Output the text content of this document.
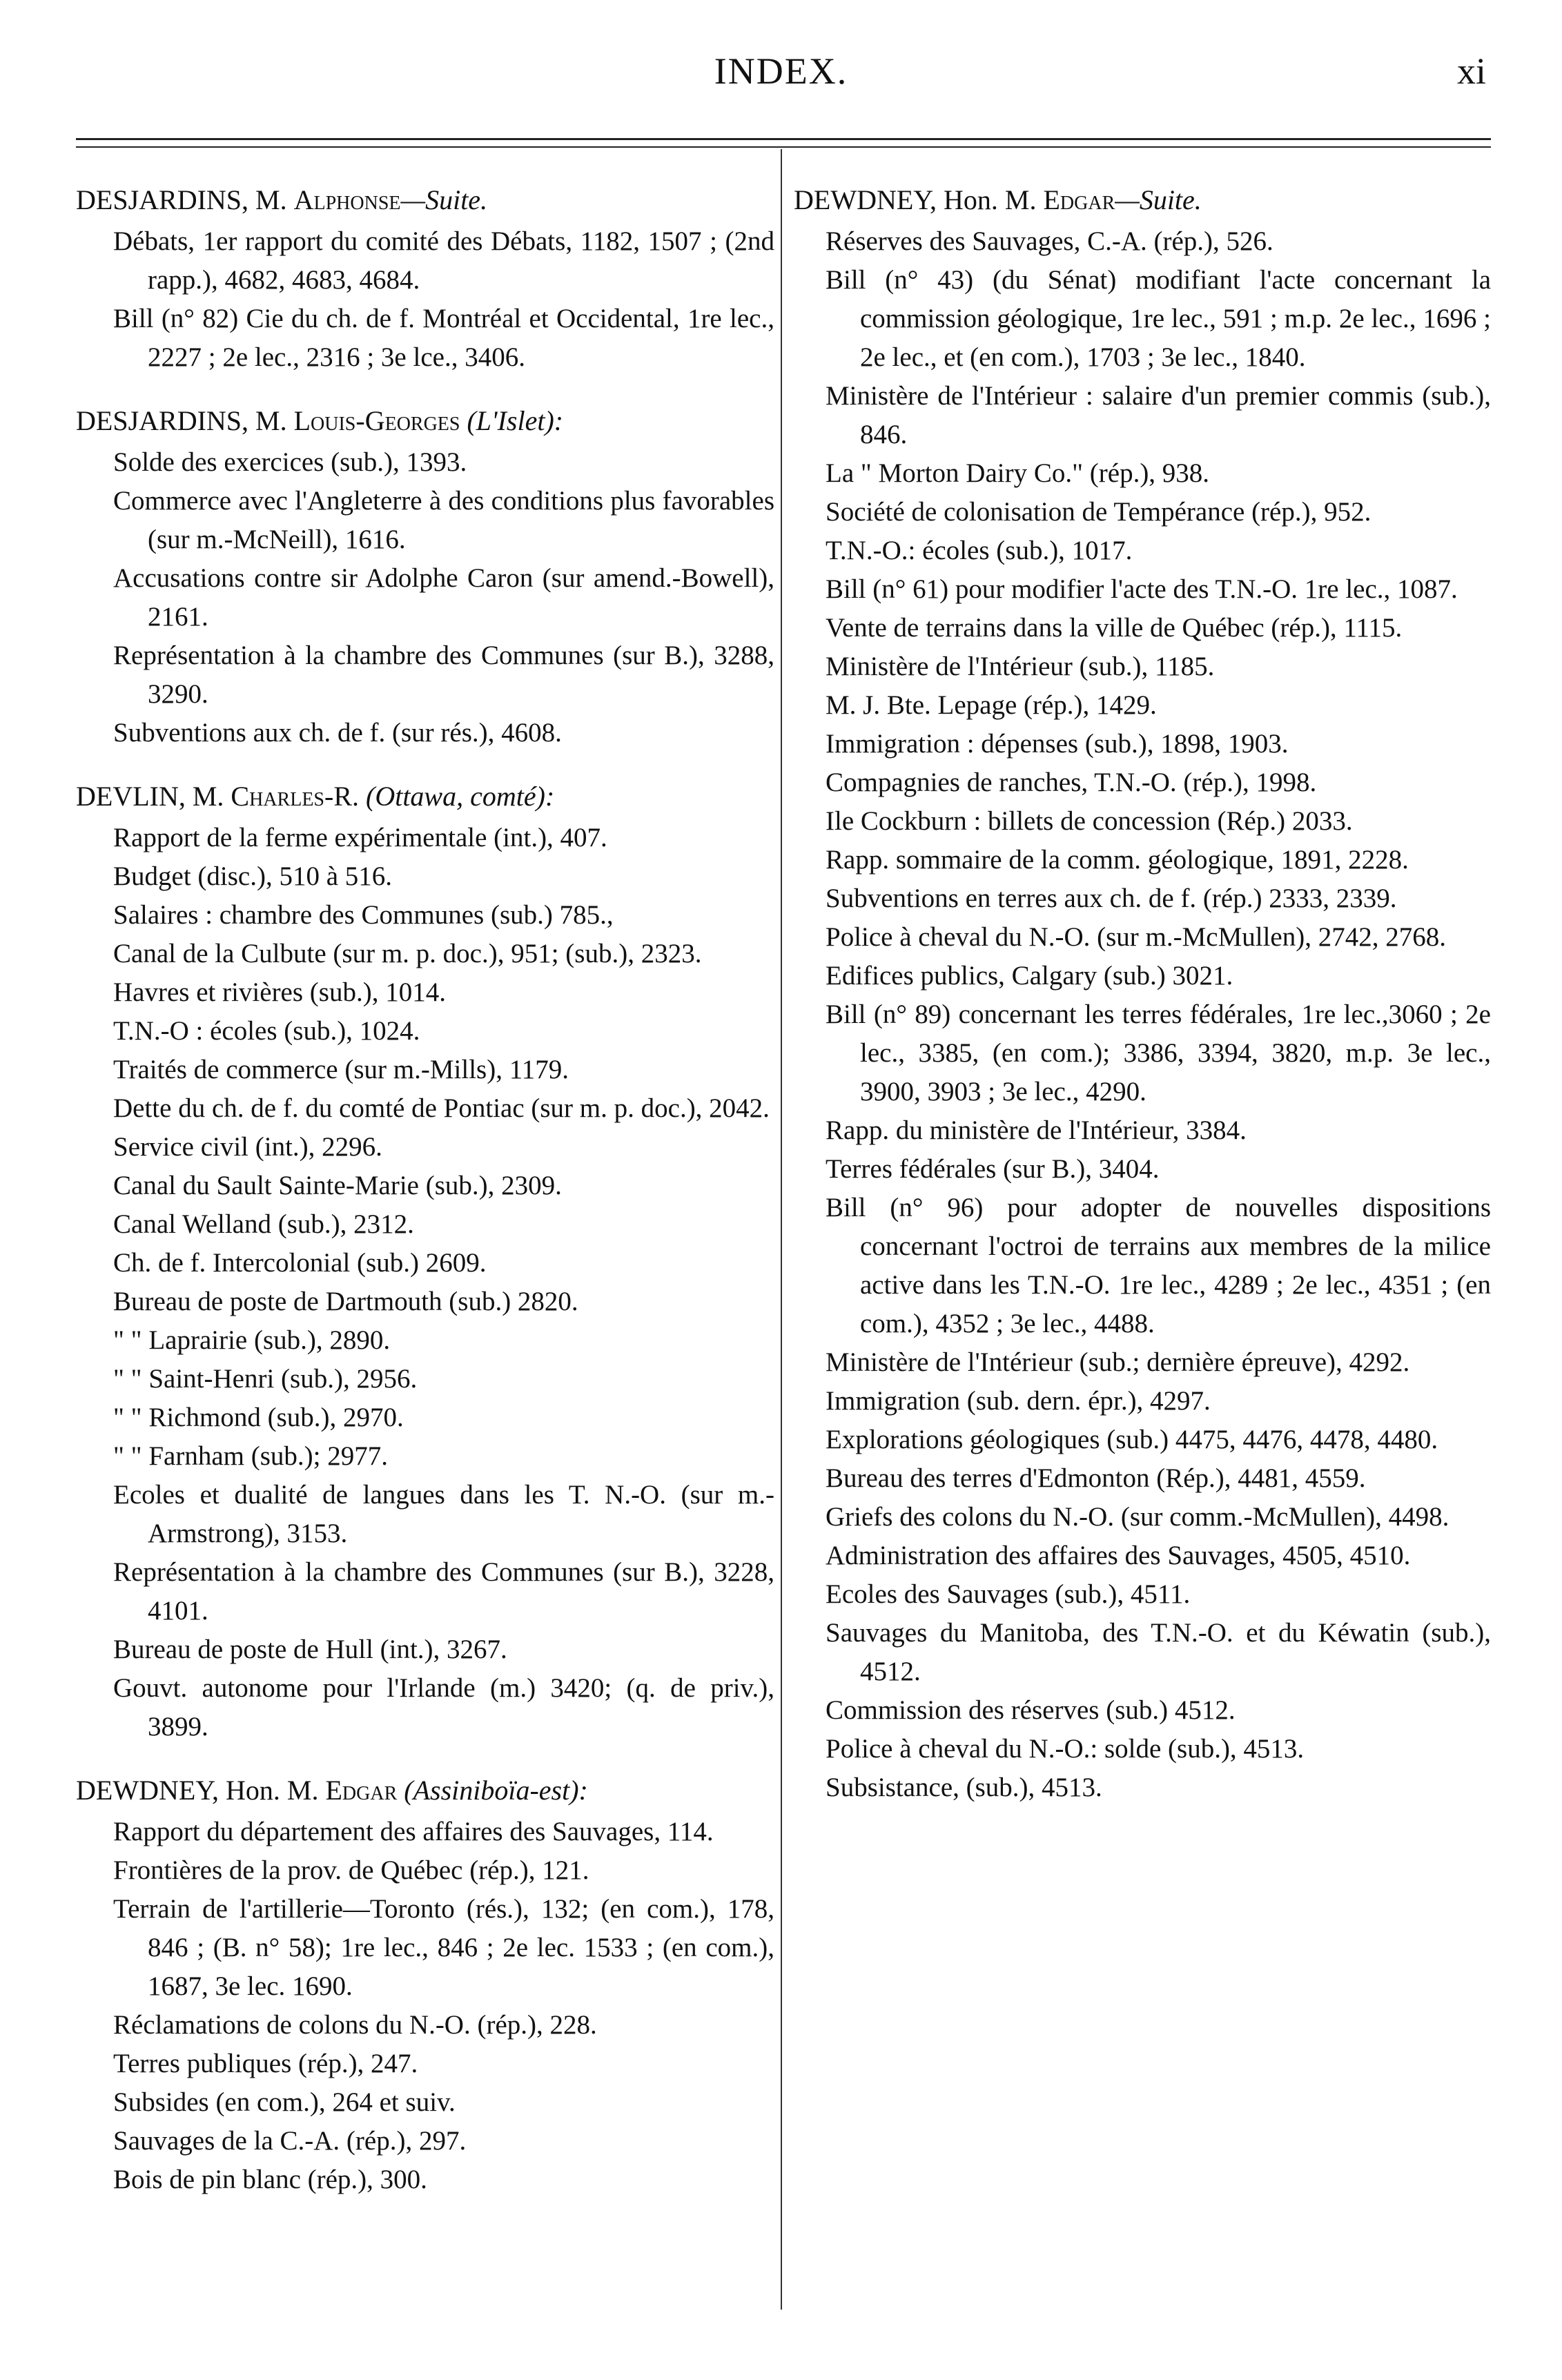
INDEX.	xi
DESJARDINS, M. Alphonse—Suite.
Débats, 1er rapport du comité des Débats, 1182, 1507 ; (2nd rapp.), 4682, 4683, 4684.
Bill (n° 82) Cie du ch. de f. Montréal et Occidental, 1re lec., 2227 ; 2e lec., 2316 ; 3e lce., 3406.
DESJARDINS, M. Louis-Georges (L'Islet):
Solde des exercices (sub.), 1393.
Commerce avec l'Angleterre à des conditions plus favorables (sur m.-McNeill), 1616.
Accusations contre sir Adolphe Caron (sur amend.-Bowell), 2161.
Représentation à la chambre des Communes (sur B.), 3288, 3290.
Subventions aux ch. de f. (sur rés.), 4608.
DEVLIN, M. Charles-R. (Ottawa, comté):
Rapport de la ferme expérimentale (int.), 407.
Budget (disc.), 510 à 516.
Salaires : chambre des Communes (sub.) 785.,
Canal de la Culbute (sur m. p. doc.), 951; (sub.), 2323.
Havres et rivières (sub.), 1014.
T.N.-O : écoles (sub.), 1024.
Traités de commerce (sur m.-Mills), 1179.
Dette du ch. de f. du comté de Pontiac (sur m. p. doc.), 2042.
Service civil (int.), 2296.
Canal du Sault Sainte-Marie (sub.), 2309.
Canal Welland (sub.), 2312.
Ch. de f. Intercolonial (sub.) 2609.
Bureau de poste de Dartmouth (sub.) 2820.
" " Laprairie (sub.), 2890.
" " Saint-Henri (sub.), 2956.
" " Richmond (sub.), 2970.
" " Farnham (sub.); 2977.
Ecoles et dualité de langues dans les T. N.-O. (sur m.-Armstrong), 3153.
Représentation à la chambre des Communes (sur B.), 3228, 4101.
Bureau de poste de Hull (int.), 3267.
Gouvt. autonome pour l'Irlande (m.) 3420; (q. de priv.), 3899.
DEWDNEY, Hon. M. Edgar (Assiniboïa-est):
Rapport du département des affaires des Sauvages, 114.
Frontières de la prov. de Québec (rép.), 121.
Terrain de l'artillerie—Toronto (rés.), 132; (en com.), 178, 846 ; (B. n° 58); 1re lec., 846 ; 2e lec. 1533 ; (en com.), 1687, 3e lec. 1690.
Réclamations de colons du N.-O. (rép.), 228.
Terres publiques (rép.), 247.
Subsides (en com.), 264 et suiv.
Sauvages de la C.-A. (rép.), 297.
Bois de pin blanc (rép.), 300.
DEWDNEY, Hon. M. Edgar—Suite.
Réserves des Sauvages, C.-A. (rép.), 526.
Bill (n° 43) (du Sénat) modifiant l'acte concernant la commission géologique, 1re lec., 591 ; m.p. 2e lec., 1696 ; 2e lec., et (en com.), 1703 ; 3e lec., 1840.
Ministère de l'Intérieur : salaire d'un premier commis (sub.), 846.
La " Morton Dairy Co." (rép.), 938.
Société de colonisation de Tempérance (rép.), 952.
T.N.-O.: écoles (sub.), 1017.
Bill (n° 61) pour modifier l'acte des T.N.-O. 1re lec., 1087.
Vente de terrains dans la ville de Québec (rép.), 1115.
Ministère de l'Intérieur (sub.), 1185.
M. J. Bte. Lepage (rép.), 1429.
Immigration : dépenses (sub.), 1898, 1903.
Compagnies de ranches, T.N.-O. (rép.), 1998.
Ile Cockburn : billets de concession (Rép.) 2033.
Rapp. sommaire de la comm. géologique, 1891, 2228.
Subventions en terres aux ch. de f. (rép.) 2333, 2339.
Police à cheval du N.-O. (sur m.-McMullen), 2742, 2768.
Edifices publics, Calgary (sub.) 3021.
Bill (n° 89) concernant les terres fédérales, 1re lec.,3060 ; 2e lec., 3385, (en com.); 3386, 3394, 3820, m.p. 3e lec., 3900, 3903 ; 3e lec., 4290.
Rapp. du ministère de l'Intérieur, 3384.
Terres fédérales (sur B.), 3404.
Bill (n° 96) pour adopter de nouvelles dispositions concernant l'octroi de terrains aux membres de la milice active dans les T.N.-O. 1re lec., 4289 ; 2e lec., 4351 ; (en com.), 4352 ; 3e lec., 4488.
Ministère de l'Intérieur (sub.; dernière épreuve), 4292.
Immigration (sub. dern. épr.), 4297.
Explorations géologiques (sub.) 4475, 4476, 4478, 4480.
Bureau des terres d'Edmonton (Rép.), 4481, 4559.
Griefs des colons du N.-O. (sur comm.-McMullen), 4498.
Administration des affaires des Sauvages, 4505, 4510.
Ecoles des Sauvages (sub.), 4511.
Sauvages du Manitoba, des T.N.-O. et du Kéwatin (sub.), 4512.
Commission des réserves (sub.) 4512.
Police à cheval du N.-O.: solde (sub.), 4513.
Subsistance, (sub.), 4513.
